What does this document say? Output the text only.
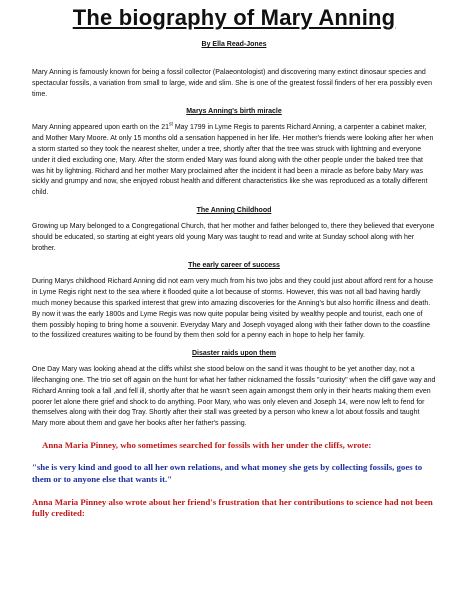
The biography of Mary Anning
By Ella Read-Jones

Mary Anning is famously known for being a fossil collector (Palaeontologist) and discovering many extinct dinosaur species and spectacular fossils, a variation from small to large, wide and slim. She is one of the greatest fossil finders of her era possibly even time.

Marys Anning's birth miracle

Mary Anning appeared upon earth on the 21st May 1799 in Lyme Regis to parents Richard Anning, a carpenter a cabinet maker, and Mother Mary Moore. At only 15 months old a sensation happened in her life. Her mother's friends were looking after her when a storm started so they took the nearest shelter, under a tree, shortly after that the tree was struck with lightning and everyone under it died excluding one, Mary. After the storm ended Mary was found along with the other people under the baked tree that was hit by lightning. Richard and her mother Mary proclaimed after the incident it had been a miracle as before baby Mary was sickly and grumpy and now, she enjoyed robust health and different characteristics like she was reproduced as a totally different child.

The Anning Childhood

Growing up Mary belonged to a Congregational Church, that her mother and father belonged to, there they believed that everyone should be educated, so starting at eight years old young Mary was taught to read and write at Sunday school along with her brother.

The early career of success

During Marys childhood Richard Anning did not earn very much from his two jobs and they could just about afford rent for a house in Lyme Regis right next to the sea where it flooded quite a lot because of storms. However, this was not all bad having hardly much money because this sparked interest that grew into amazing discoveries for the Anning's but also horrific illness and death. By now it was the early 1800s and Lyme Regis was now quite popular being visited by wealthy people and tourist, each one of them possibly hoping to bring home a souvenir. Everyday Mary and Joseph voyaged along with their father down to the coastline to the fossilized creatures waiting to be found by them then sold for a penny each in hope to help her family.

Disaster raids upon them

One Day Mary was looking ahead at the cliffs whilst she stood below on the sand it was thought to be yet another day, not a lifechanging one. The trio set off again on the hunt for what her father nicknamed the fossils "curiosity" when the cliff gave way and Richard Anning took a fall ,and fell ill, shortly after that he wasn't seen again amongst them only in their hearts making them even poorer let alone there grief and shock to do anything. Poor Mary, who was only eleven and Joseph 14, were now left to fend for themselves along with their dog Tray. Shortly after their stall was greeted by a person who knew a lot about fossils and taught Mary more about them and gave her books after her father's passing.

Anna Maria Pinney, who sometimes searched for fossils with her under the cliffs, wrote:

"she is very kind and good to all her own relations, and what money she gets by collecting fossils, goes to them or to anyone else that wants it."

Anna Maria Pinney also wrote about her friend's frustration that her contributions to science had not been fully credited:
